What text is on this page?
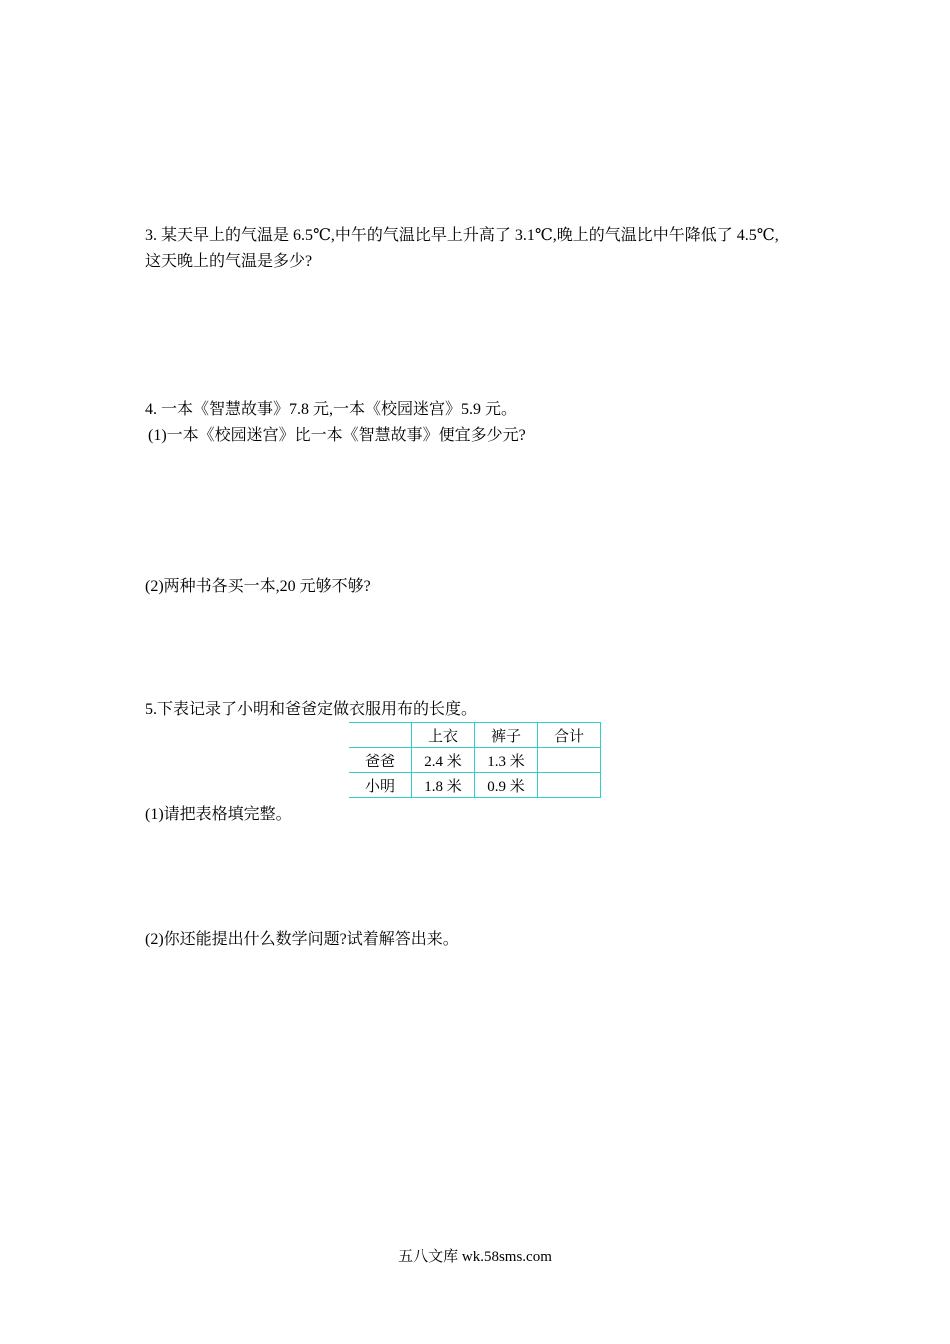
3. 某天早上的气温是 6.5℃,中午的气温比早上升高了 3.1℃,晚上的气温比中午降低了 4.5℃,
这天晚上的气温是多少?
4. 一本《智慧故事》7.8 元,一本《校园迷宫》5.9 元。
(1)一本《校园迷宫》比一本《智慧故事》便宜多少元?
(2)两种书各买一本,20 元够不够?
5.下表记录了小明和爸爸定做衣服用布的长度。
	上衣	裤子	合计
爸爸	2.4 米	1.3 米	
小明	1.8 米	0.9 米	
(1)请把表格填完整。
(2)你还能提出什么数学问题?试着解答出来。
五八文库 wk.58sms.com
